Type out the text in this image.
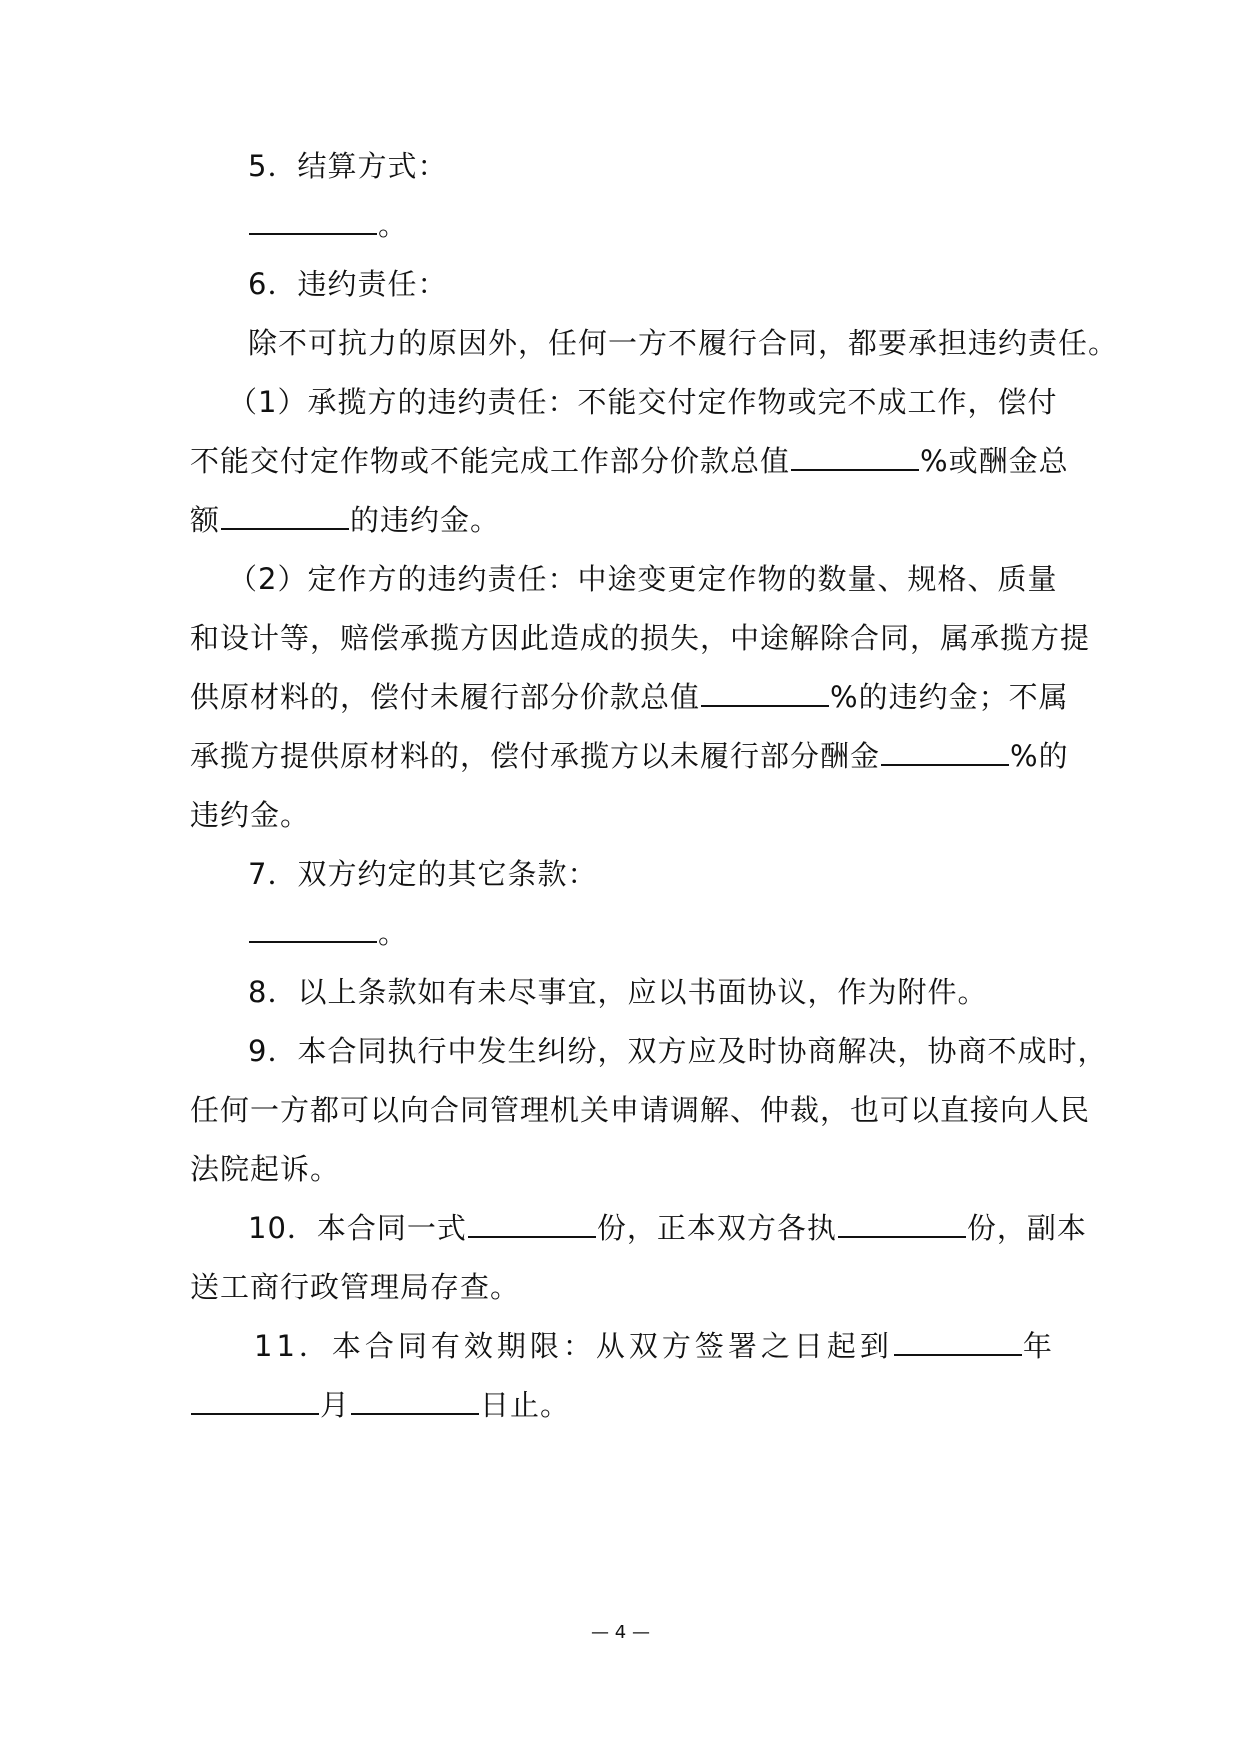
5．结算方式：
。
6．违约责任：
除不可抗力的原因外，任何一方不履行合同，都要承担违约责任。
（1）承揽方的违约责任：不能交付定作物或完不成工作，偿付
不能交付定作物或不能完成工作部分价款总值	%或酬金总
额	的违约金。
（2）定作方的违约责任：中途变更定作物的数量、规格、质量
和设计等，赔偿承揽方因此造成的损失，中途解除合同，属承揽方提
供原材料的，偿付未履行部分价款总值	%的违约金；不属
承揽方提供原材料的，偿付承揽方以未履行部分酬金	%的
违约金。
7．双方约定的其它条款：
。
8．以上条款如有未尽事宜，应以书面协议，作为附件。
9．本合同执行中发生纠纷，双方应及时协商解决，协商不成时，
任何一方都可以向合同管理机关申请调解、仲裁，也可以直接向人民
法院起诉。
10．本合同一式	份，正本双方各执	份，副本
送工商行政管理局存查。
11．本合同有效期限：从双方签署之日起到	年
月	日止。
— 4 —
